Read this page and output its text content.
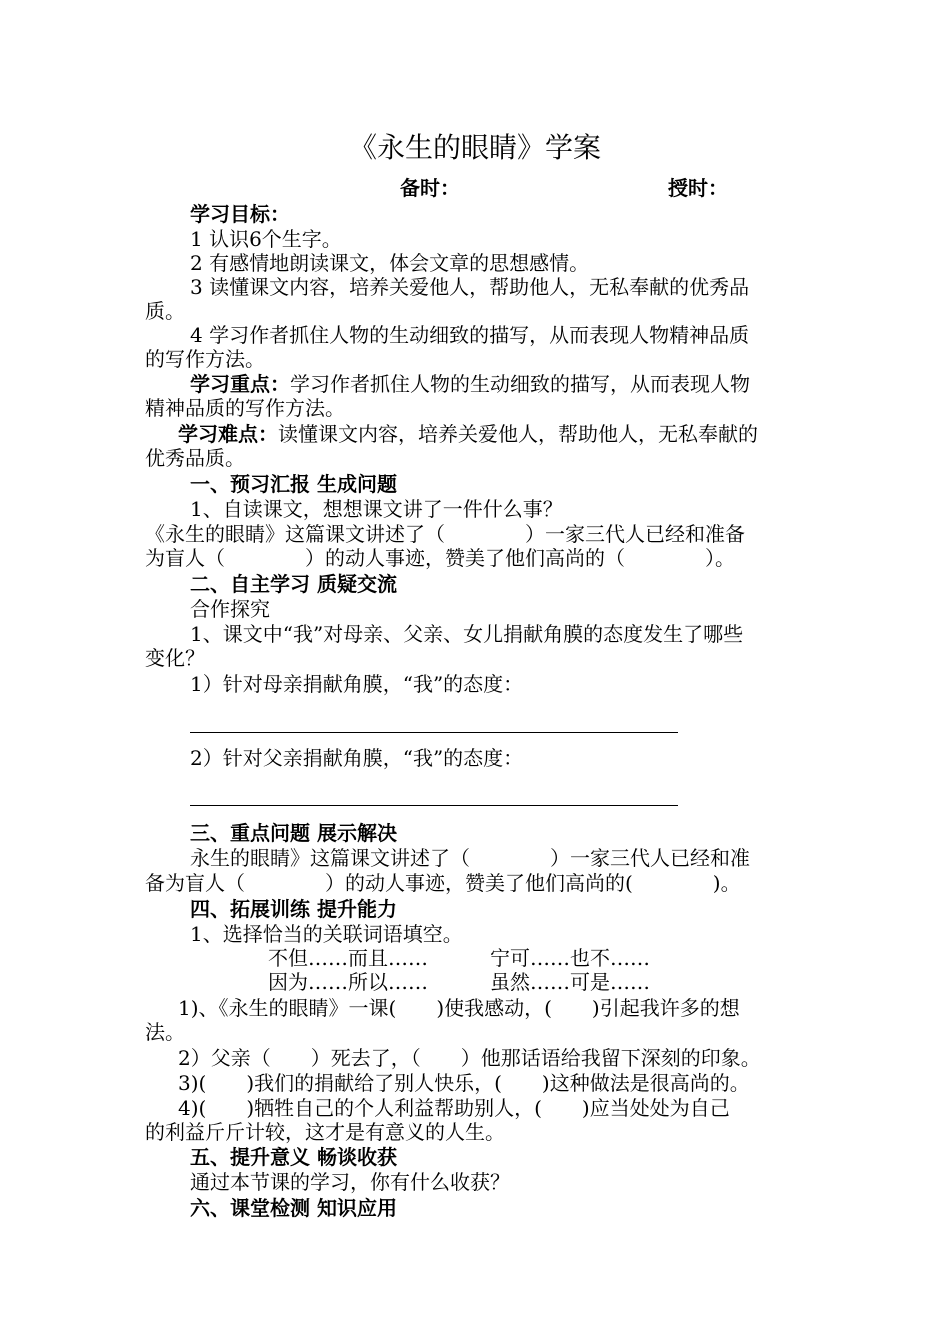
《永生的眼睛》学案
备时：	授时：
学习目标：
1 认识6个生字。
2 有感情地朗读课文，体会文章的思想感情。
3 读懂课文内容，培养关爱他人，帮助他人，无私奉献的优秀品
质。
4 学习作者抓住人物的生动细致的描写，从而表现人物精神品质
的写作方法。
学习重点：学习作者抓住人物的生动细致的描写，从而表现人物
精神品质的写作方法。
学习难点：读懂课文内容，培养关爱他人，帮助他人，无私奉献的
优秀品质。
一、预习汇报 生成问题
1、自读课文，想想课文讲了一件什么事？
《永生的眼睛》这篇课文讲述了（　　　　）一家三代人已经和准备
为盲人（　　　　）的动人事迹，赞美了他们高尚的（　　　　）。
二、自主学习 质疑交流
合作探究
1、课文中“我”对母亲、父亲、女儿捐献角膜的态度发生了哪些
变化？
1）针对母亲捐献角膜，“我”的态度：
2）针对父亲捐献角膜，“我”的态度：
三、重点问题 展示解决
永生的眼睛》这篇课文讲述了（　　　　）一家三代人已经和准
备为盲人（　　　　）的动人事迹，赞美了他们高尚的(　　　　)。
四、拓展训练 提升能力
1、选择恰当的关联词语填空。
不但……而且……	宁可……也不……
因为……所以……	虽然……可是……
1)、《永生的眼睛》一课(　　)使我感动，(　　)引起我许多的想
法。
2）父亲（　　）死去了，（　　）他那话语给我留下深刻的印象。
3)(　　)我们的捐献给了别人快乐，(　　)这种做法是很高尚的。
4)(　　)牺牲自己的个人利益帮助别人，(　　)应当处处为自己
的利益斤斤计较，这才是有意义的人生。
五、提升意义 畅谈收获
通过本节课的学习，你有什么收获？
六、课堂检测 知识应用
